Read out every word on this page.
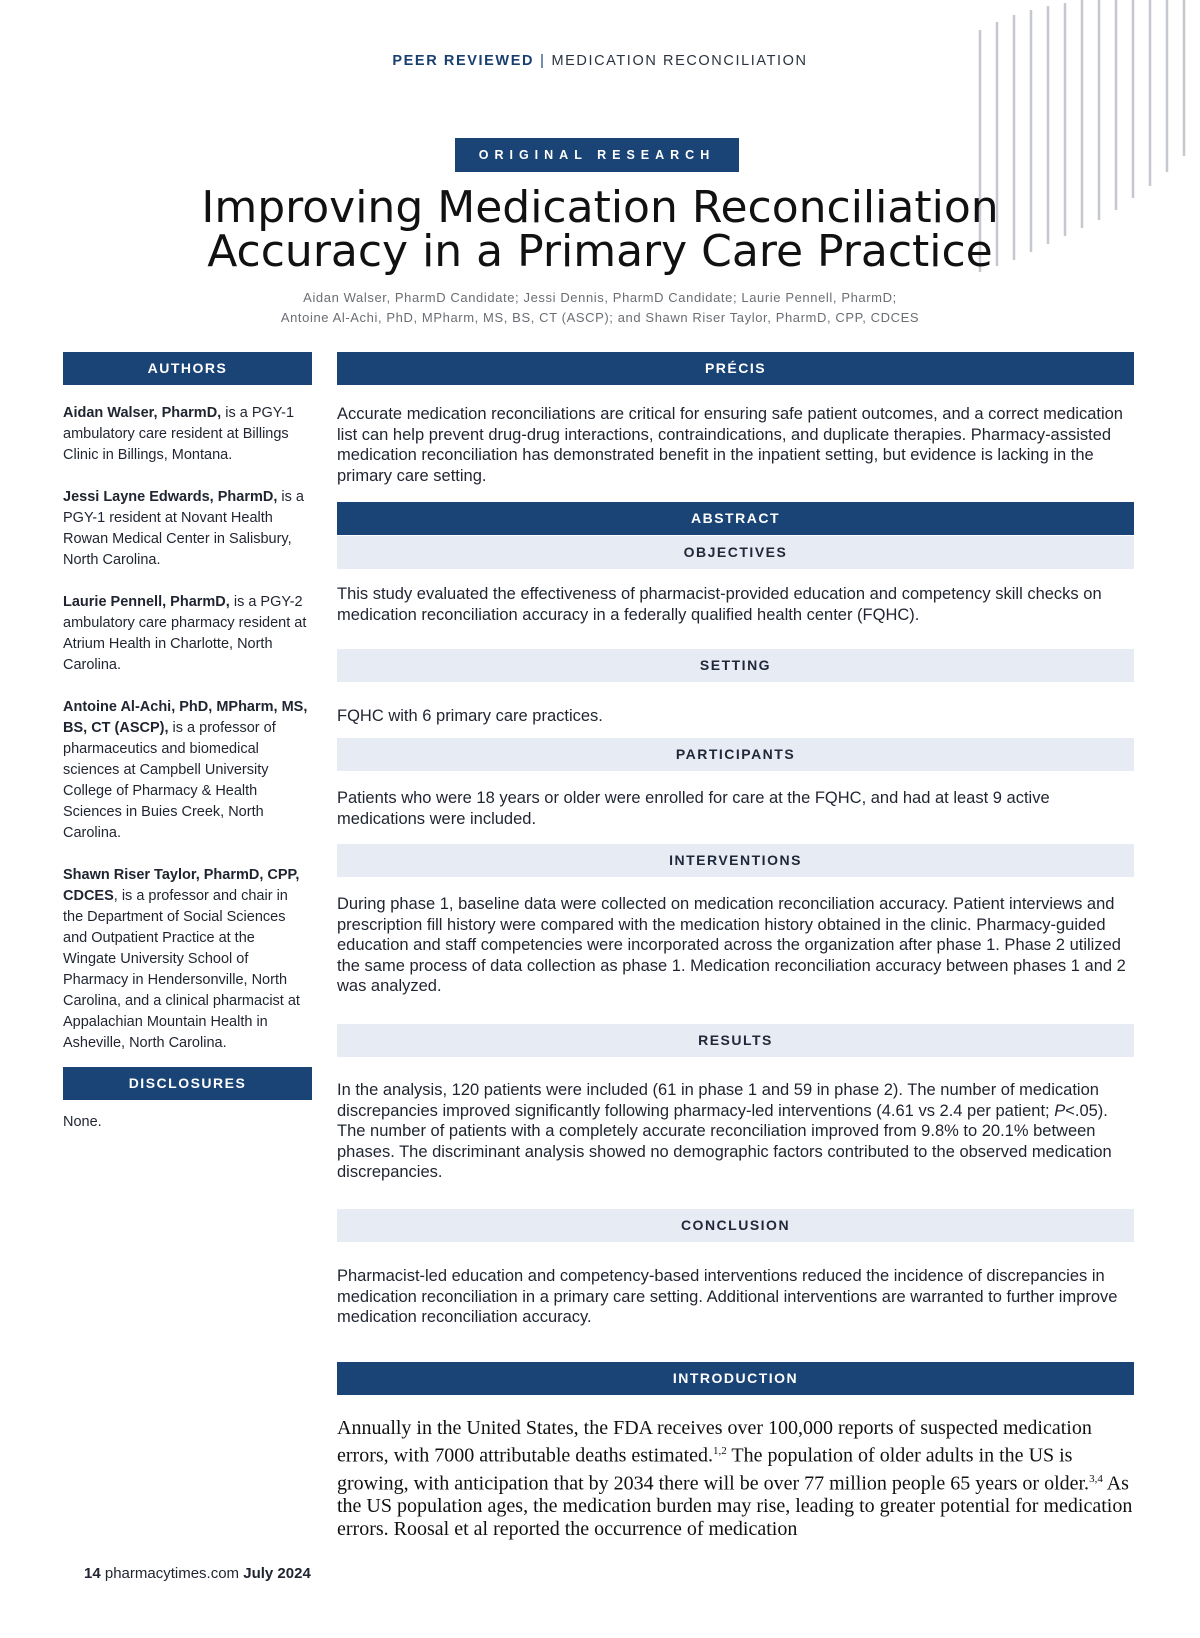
PEER REVIEWED | MEDICATION RECONCILIATION
ORIGINAL RESEARCH
Improving Medication Reconciliation
Accuracy in a Primary Care Practice
Aidan Walser, PharmD Candidate; Jessi Dennis, PharmD Candidate; Laurie Pennell, PharmD;
Antoine Al-Achi, PhD, MPharm, MS, BS, CT (ASCP); and Shawn Riser Taylor, PharmD, CPP, CDCES
AUTHORS

Aidan Walser, PharmD, is a PGY-1 ambulatory care resident at Billings Clinic in Billings, Montana.

Jessi Layne Edwards, PharmD, is a PGY-1 resident at Novant Health Rowan Medical Center in Salisbury, North Carolina.

Laurie Pennell, PharmD, is a PGY-2 ambulatory care pharmacy resident at Atrium Health in Charlotte, North Carolina.

Antoine Al-Achi, PhD, MPharm, MS, BS, CT (ASCP), is a professor of pharmaceutics and biomedical sciences at Campbell University College of Pharmacy & Health Sciences in Buies Creek, North Carolina.

Shawn Riser Taylor, PharmD, CPP, CDCES, is a professor and chair in the Department of Social Sciences and Outpatient Practice at the Wingate University School of Pharmacy in Hendersonville, North Carolina, and a clinical pharmacist at Appalachian Mountain Health in Asheville, North Carolina.

DISCLOSURES

None.

PRÉCIS

Accurate medication reconciliations are critical for ensuring safe patient outcomes, and a correct medication list can help prevent drug-drug interactions, contraindications, and duplicate therapies. Pharmacy-assisted medication reconciliation has demonstrated benefit in the inpatient setting, but evidence is lacking in the primary care setting.

ABSTRACT
OBJECTIVES

This study evaluated the effectiveness of pharmacist-provided education and competency skill checks on medication reconciliation accuracy in a federally qualified health center (FQHC).

SETTING

FQHC with 6 primary care practices.

PARTICIPANTS

Patients who were 18 years or older were enrolled for care at the FQHC, and had at least 9 active medications were included.

INTERVENTIONS

During phase 1, baseline data were collected on medication reconciliation accuracy. Patient interviews and prescription fill history were compared with the medication history obtained in the clinic. Pharmacy-guided education and staff competencies were incorporated across the organization after phase 1. Phase 2 utilized the same process of data collection as phase 1. Medication reconciliation accuracy between phases 1 and 2 was analyzed.

RESULTS

In the analysis, 120 patients were included (61 in phase 1 and 59 in phase 2). The number of medication discrepancies improved significantly following pharmacy-led interventions (4.61 vs 2.4 per patient; P<.05). The number of patients with a completely accurate reconciliation improved from 9.8% to 20.1% between phases. The discriminant analysis showed no demographic factors contributed to the observed medication discrepancies.

CONCLUSION

Pharmacist-led education and competency-based interventions reduced the incidence of discrepancies in medication reconciliation in a primary care setting. Additional interventions are warranted to further improve medication reconciliation accuracy.

INTRODUCTION

Annually in the United States, the FDA receives over 100,000 reports of suspected medication errors, with 7000 attributable deaths estimated.$^{1,2}$ The population of older adults in the US is growing, with anticipation that by 2034 there will be over 77 million people 65 years or older.$^{3,4}$ As the US population ages, the medication burden may rise, leading to greater potential for medication errors. Roosal et al reported the occurrence of medication

14 pharmacytimes.com July 2024
